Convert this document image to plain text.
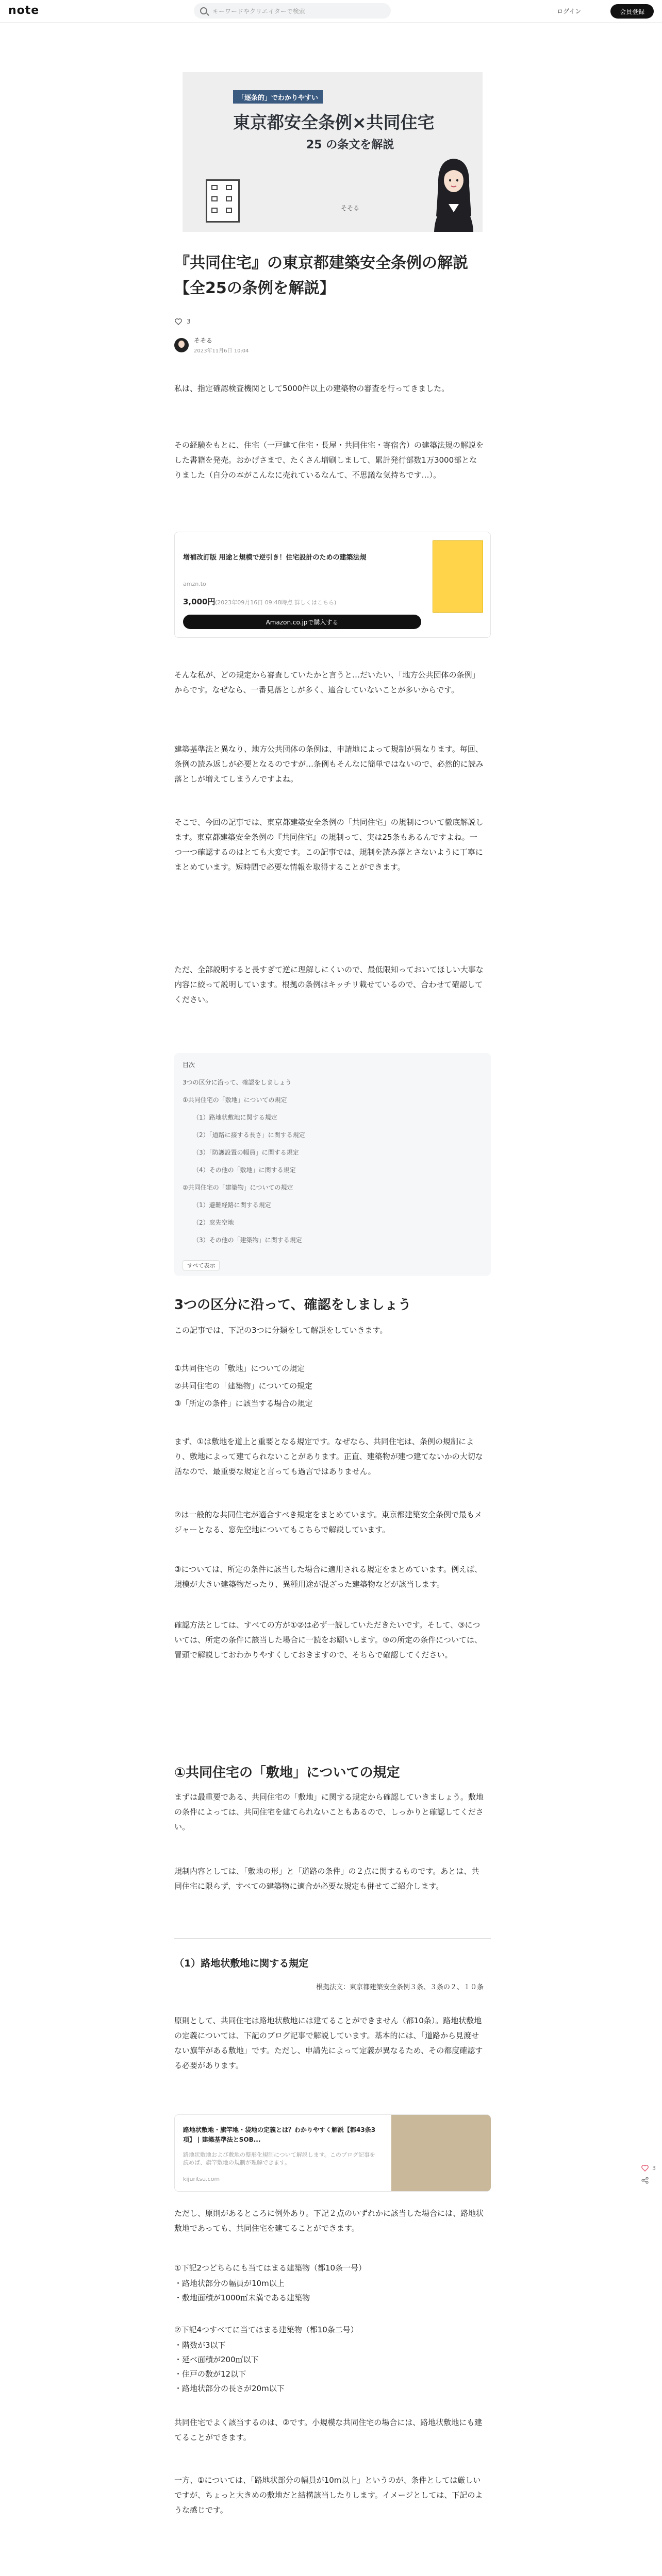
note	キーワードやクリエイターで検索	ログイン	会員登録
「逐条的」でわかりやすい
東京都安全条例×共同住宅
25 の条文を解説
そそる
『共同住宅』の東京都建築安全条例の解説【全25の条例を解説】
3
そそる
2023年11月6日 10:04
私は、指定確認検査機関として5000件以上の建築物の審査を行ってきました。
その経験をもとに、住宅（一戸建て住宅・長屋・共同住宅・寄宿舎）の建築法規の解説をした書籍を発売。おかげさまで、たくさん増刷しまして、累計発行部数1万3000部となりました（自分の本がこんなに売れているなんて、不思議な気持ちです…）。
増補改訂版 用途と規模で逆引き！住宅設計のための建築法規
amzn.to
3,000円 (2023年09月16日 09:48時点 詳しくはこちら)
Amazon.co.jpで購入する
そんな私が、どの規定から審査していたかと言うと…だいたい、「地方公共団体の条例」からです。なぜなら、一番見落としが多く、適合していないことが多いからです。
建築基準法と異なり、地方公共団体の条例は、申請地によって規制が異なります。毎回、条例の読み返しが必要となるのですが…条例もそんなに簡単ではないので、必然的に読み落としが増えてしまうんですよね。
そこで、今回の記事では、東京都建築安全条例の「共同住宅」の規制について徹底解説します。東京都建築安全条例の『共同住宅』の規制って、実は25条もあるんですよね。一つ一つ確認するのはとても大変です。この記事では、規制を読み落とさないように丁寧にまとめています。短時間で必要な情報を取得することができます。
ただ、全部説明すると長すぎて逆に理解しにくいので、最低限知っておいてほしい大事な内容に絞って説明しています。根拠の条例はキッチリ載せているので、合わせて確認してください。
目次
3つの区分に沿って、確認をしましょう
①共同住宅の「敷地」についての規定
（1）路地状敷地に関する規定
（2）「道路に接する長さ」に関する規定
（3）「防護設置の幅員」に関する規定
（4）その他の「敷地」に関する規定
②共同住宅の「建築物」についての規定
（1）避難経路に関する規定
（2）窓先空地
（3）その他の「建築物」に関する規定
すべて表示
3つの区分に沿って、確認をしましょう
この記事では、下記の3つに分類をして解説をしていきます。
①共同住宅の「敷地」についての規定
②共同住宅の「建築物」についての規定
③「所定の条件」に該当する場合の規定
まず、①は敷地を道上と重要となる規定です。なぜなら、共同住宅は、条例の規制により、敷地によって建てられないことがあります。正直、建築物が建つ建てないかの大切な話なので、最重要な規定と言っても過言ではありません。
②は一般的な共同住宅が適合すべき規定をまとめています。東京都建築安全条例で最もメジャーとなる、窓先空地についてもこちらで解説しています。
③については、所定の条件に該当した場合に適用される規定をまとめています。例えば、規模が大きい建築物だったり、異種用途が混ざった建築物などが該当します。
確認方法としては、すべての方が①②は必ず一読していただきたいです。そして、③については、所定の条件に該当した場合に一読をお願いします。③の所定の条件については、冒頭で解説しておわかりやすくしておきますので、そちらで確認してください。
①共同住宅の「敷地」についての規定
まずは最重要である、共同住宅の「敷地」に関する規定から確認していきましょう。敷地の条件によっては、共同住宅を建てられないこともあるので、しっかりと確認してください。
規制内容としては、「敷地の形」と「道路の条件」の２点に関するものです。あとは、共同住宅に限らず、すべての建築物に適合が必要な規定も併せてご紹介します。
（1）路地状敷地に関する規定
根拠法文：東京都建築安全条例３条、３条の２、１０条
原則として、共同住宅は路地状敷地には建てることができません（都10条）。路地状敷地の定義については、下記のブログ記事で解説しています。基本的には、「道路から見渡せない旗竿がある敷地」です。ただし、申請先によって定義が異なるため、その都度確認する必要があります。
路地状敷地・旗竿地・袋地の定義とは？わかりやすく解説【都43条3項】 | 建築基準法とSOB...
路地状敷地および敷地の整形化規制について解説します。このブログ記事を読めば、旗竿敷地の規制が理解できます。
kijuritsu.com
ただし、原則があるところに例外あり。下記２点のいずれかに該当した場合には、路地状敷地であっても、共同住宅を建てることができます。
①下記2つどちらにも当てはまる建築物（都10条一号）
・路地状部分の幅員が10m以上
・敷地面積が1000㎡未満である建築物
②下記4つすべてに当てはまる建築物（都10条二号）
・階数が3以下
・延べ面積が200㎡以下
・住戸の数が12以下
・路地状部分の長さが20m以下
共同住宅でよく該当するのは、②です。小規模な共同住宅の場合には、路地状敷地にも建てることができます。
一方、①については、「路地状部分の幅員が10m以上」というのが、条件としては厳しいですが、ちょっと大きめの敷地だと結構該当したりします。イメージとしては、下記のような感じです。
3
